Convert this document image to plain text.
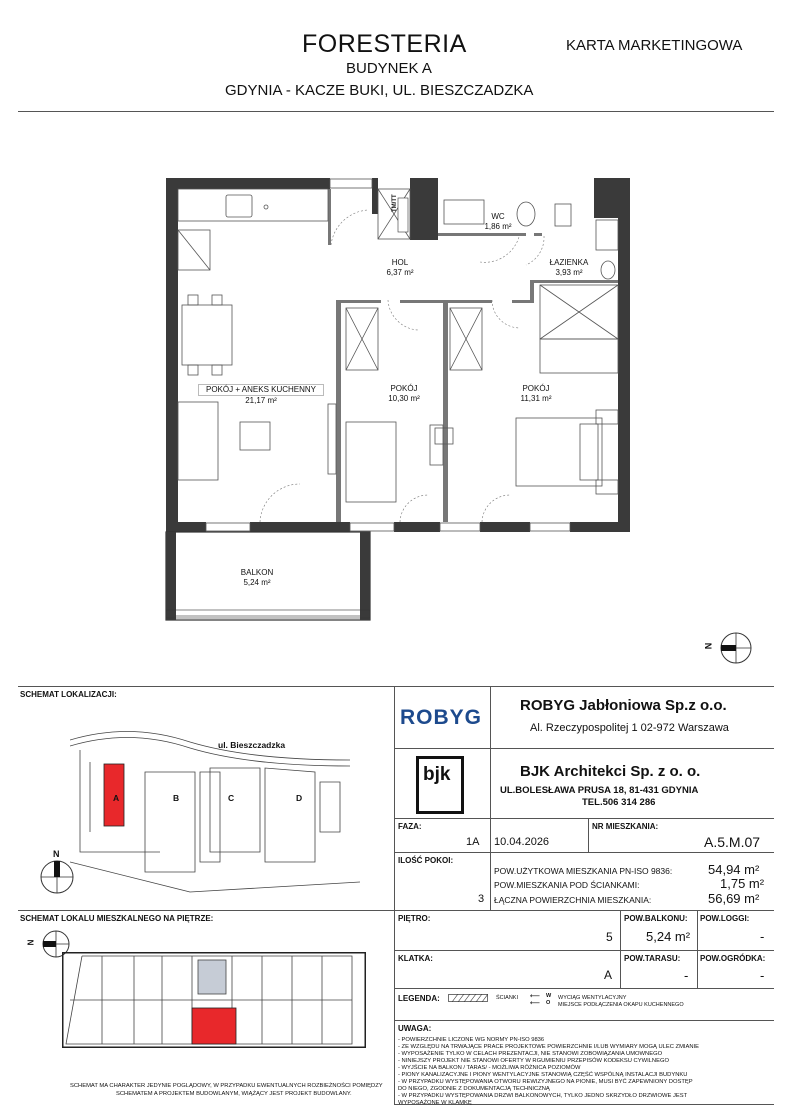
FORESTERIA
BUDYNEK A
GDYNIA - KACZE BUKI, UL. BIESZCZADZKA
KARTA MARKETINGOWA
TM/TT
WC
1,86 m²
HOL
6,37 m²
ŁAZIENKA
3,93 m²
POKÓJ + ANEKS KUCHENNY
21,17 m²
POKÓJ
10,30 m²
POKÓJ
11,31 m²
BALKON
5,24 m²
N
SCHEMAT LOKALIZACJI:
ul. Bieszczadzka
A	B	C	D
N
SCHEMAT LOKALU MIESZKALNEGO NA PIĘTRZE:
N
SCHEMAT MA CHARAKTER JEDYNIE POGLĄDOWY, W PRZYPADKU EWENTUALNYCH ROZBIEŻNOŚCI POMIĘDZY
SCHEMATEM A PROJEKTEM BUDOWLANYM, WIĄŻĄCY JEST PROJEKT BUDOWLANY.
ROBYG
ROBYG Jabłoniowa Sp.z o.o.
Al. Rzeczypospolitej 1 02-972 Warszawa
bjk	BJK Architekci Sp. z o. o.
UL.BOLESŁAWA PRUSA 18, 81-431 GDYNIA
TEL.506 314 286
FAZA:
1A 10.04.2026
NR MIESZKANIA:
A.5.M.07
ILOŚĆ POKOI:
3
POW.UŻYTKOWA MIESZKANIA PN-ISO 9836:	54,94 m²
POW.MIESZKANIA POD ŚCIANKAMI:	1,75 m²
ŁĄCZNA POWIERZCHNIA MIESZKANIA:	56,69 m²
PIĘTRO:
5
POW.BALKONU:
5,24 m²
POW.LOGGI:
-
KLATKA:
A
POW.TARASU:
-
POW.OGRÓDKA:
-
LEGENDA:	ŚCIANKI ⟵ W WYCIĄG WENTYLACYJNY
⟵ O MIEJSCE PODŁĄCZENIA OKAPU KUCHENNEGO
UWAGA:
- POWIERZCHNIE LICZONE WG NORMY PN-ISO 9836
- ZE WZGLĘDU NA TRWAJĄCE PRACE PROJEKTOWE POWIERZCHNIE I/LUB WYMIARY MOGĄ ULEC ZMIANIE
- WYPOSAŻENIE TYLKO W CELACH PREZENTACJI, NIE STANOWI ZOBOWIĄZANIA UMOWNEGO
- NINIEJSZY PROJEKT NIE STANOWI OFERTY W RGUMIENIU PRZEPISÓW KODEKSU CYWILNEGO
- WYJŚCIE NA BALKON / TARAS/ - MOŻLIWA RÓŻNICA POZIOMÓW
- PIONY KANALIZACYJNE I PIONY WENTYLACYJNE STANOWIĄ CZĘŚĆ WSPÓLNĄ INSTALACJI BUDYNKU
- W PRZYPADKU WYSTĘPOWANIA OTWORU REWIZYJNEGO NA PIONIE, MUSI BYĆ ZAPEWNIONY DOSTĘP DO NIEGO, ZGODNIE Z DOKUMENTACJĄ TECHNICZNĄ
- W PRZYPADKU WYSTĘPOWANIA DRZWI BALKONOWYCH, TYLKO JEDNO SKRZYDŁO DRZWIOWE JEST WYPOSAŻONE W KLAMKĘ
